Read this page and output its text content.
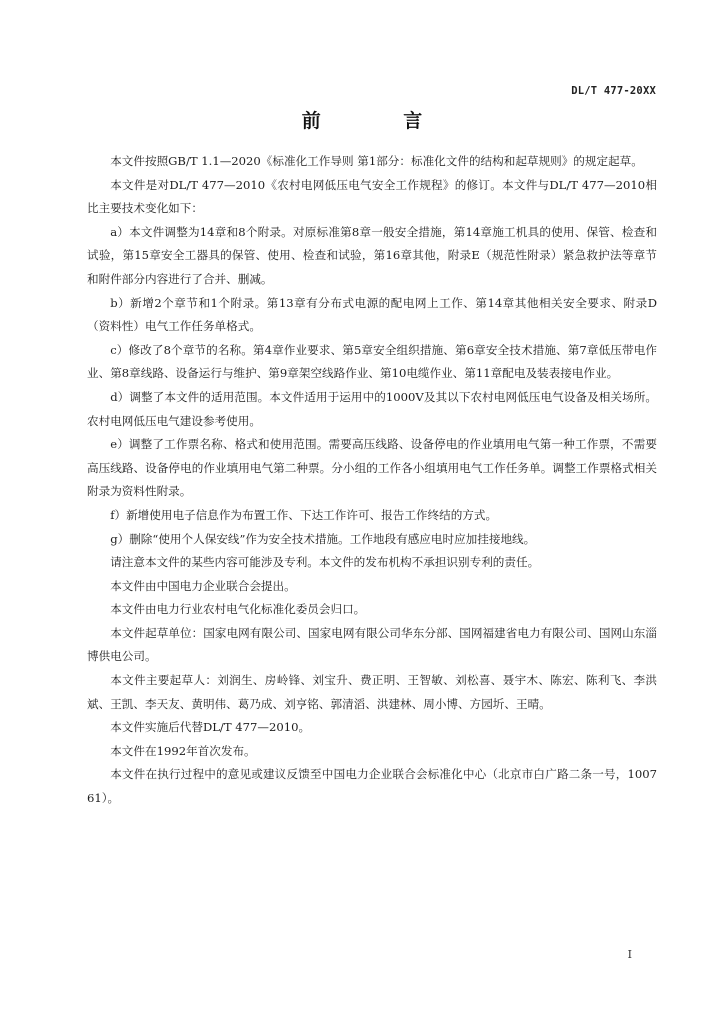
DL/T 477-20XX
前 言

本文件按照GB/T 1.1—2020《标准化工作导则 第1部分：标准化文件的结构和起草规则》的规定起草。

本文件是对DL/T 477—2010《农村电网低压电气安全工作规程》的修订。本文件与DL/T 477—2010相比主要技术变化如下：

a）本文件调整为14章和8个附录。对原标准第8章一般安全措施，第14章施工机具的使用、保管、检查和试验，第15章安全工器具的保管、使用、检查和试验，第16章其他，附录E（规范性附录）紧急救护法等章节和附件部分内容进行了合并、删减。

b）新增2个章节和1个附录。第13章有分布式电源的配电网上工作、第14章其他相关安全要求、附录D（资料性）电气工作任务单格式。

c）修改了8个章节的名称。第4章作业要求、第5章安全组织措施、第6章安全技术措施、第7章低压带电作业、第8章线路、设备运行与维护、第9章架空线路作业、第10电缆作业、第11章配电及装表接电作业。

d）调整了本文件的适用范围。本文件适用于运用中的1000V及其以下农村电网低压电气设备及相关场所。农村电网低压电气建设参考使用。

e）调整了工作票名称、格式和使用范围。需要高压线路、设备停电的作业填用电气第一种工作票，不需要高压线路、设备停电的作业填用电气第二种票。分小组的工作各小组填用电气工作任务单。调整工作票格式相关附录为资料性附录。

f）新增使用电子信息作为布置工作、下达工作许可、报告工作终结的方式。

g）删除“使用个人保安线”作为安全技术措施。工作地段有感应电时应加挂接地线。

请注意本文件的某些内容可能涉及专利。本文件的发布机构不承担识别专利的责任。

本文件由中国电力企业联合会提出。

本文件由电力行业农村电气化标准化委员会归口。

本文件起草单位：国家电网有限公司、国家电网有限公司华东分部、国网福建省电力有限公司、国网山东淄博供电公司。

本文件主要起草人：刘润生、房岭锋、刘宝升、费正明、王智敏、刘松喜、聂宇木、陈宏、陈利飞、李洪斌、王凯、李天友、黄明伟、葛乃成、刘亨铭、郭清滔、洪建林、周小博、方园圻、王晴。

本文件实施后代替DL/T 477—2010。

本文件在1992年首次发布。

本文件在执行过程中的意见或建议反馈至中国电力企业联合会标准化中心（北京市白广路二条一号，100761）。

I
